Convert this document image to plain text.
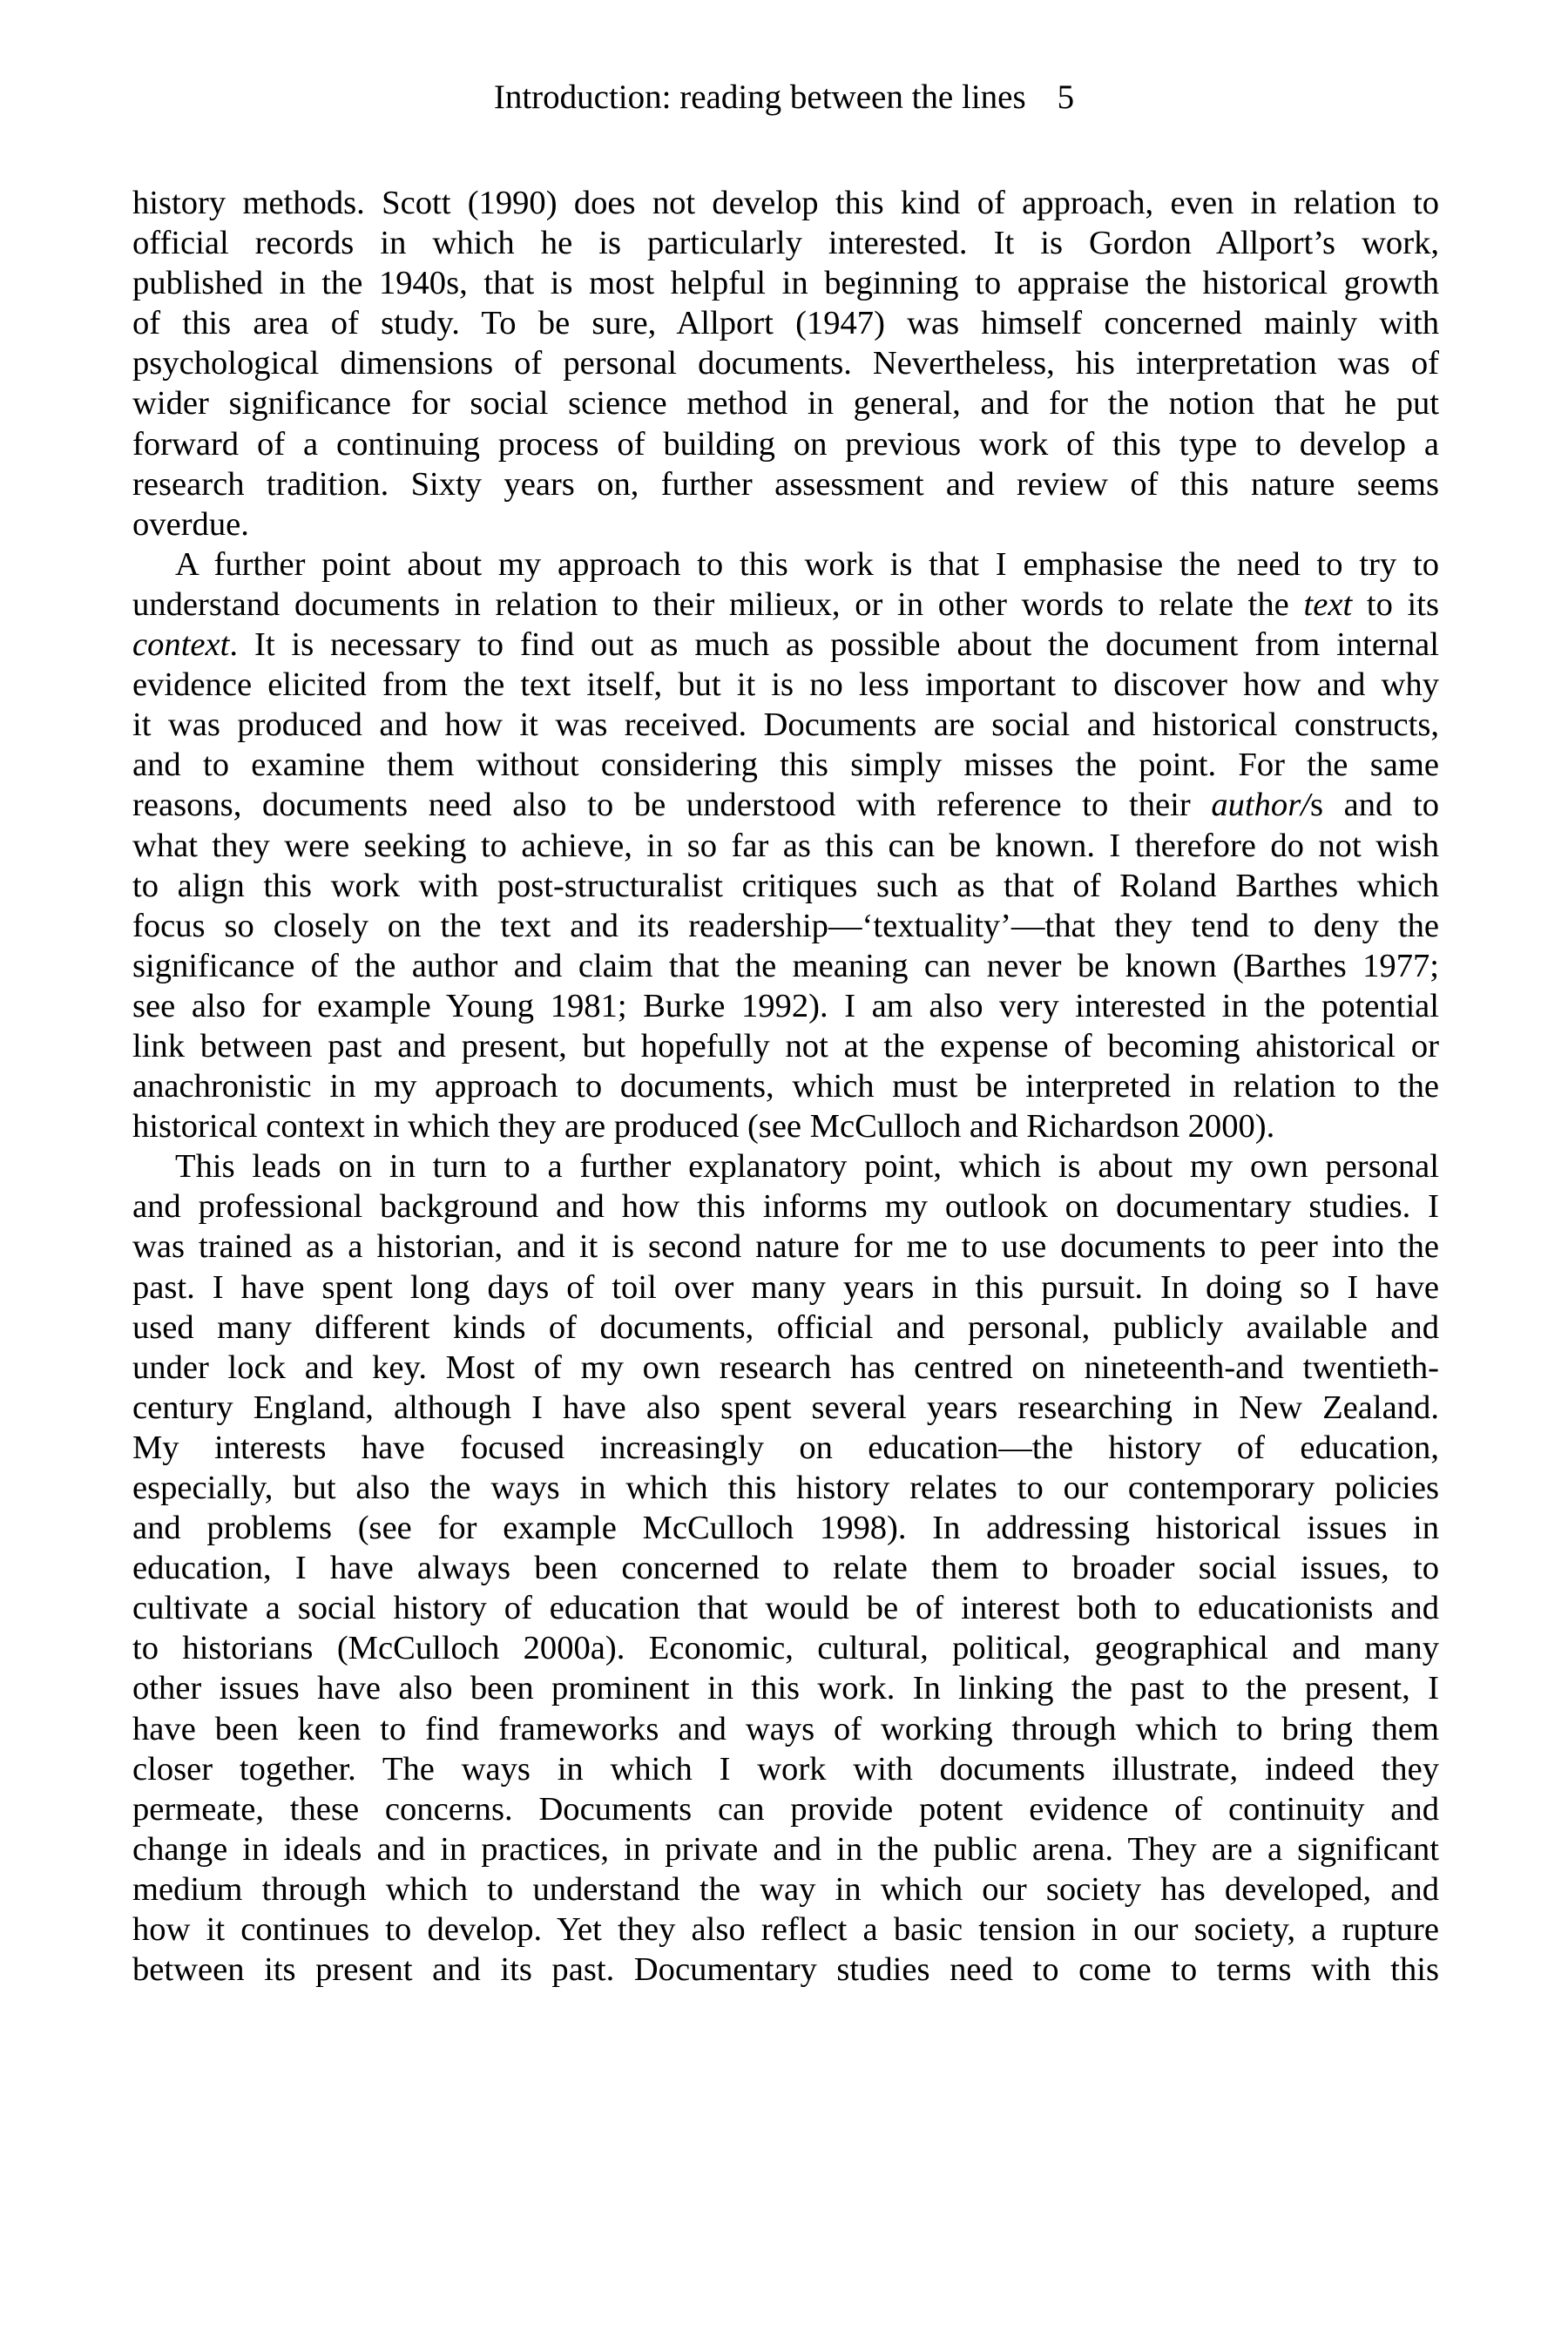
Introduction: reading between the lines 5

history methods. Scott (1990) does not develop this kind of approach, even in relation to
official records in which he is particularly interested. It is Gordon Allport’s work,
published in the 1940s, that is most helpful in beginning to appraise the historical growth
of this area of study. To be sure, Allport (1947) was himself concerned mainly with
psychological dimensions of personal documents. Nevertheless, his interpretation was of
wider significance for social science method in general, and for the notion that he put
forward of a continuing process of building on previous work of this type to develop a
research tradition. Sixty years on, further assessment and review of this nature seems
overdue.

A further point about my approach to this work is that I emphasise the need to try to
understand documents in relation to their milieux, or in other words to relate the text to its
context. It is necessary to find out as much as possible about the document from internal
evidence elicited from the text itself, but it is no less important to discover how and why
it was produced and how it was received. Documents are social and historical constructs,
and to examine them without considering this simply misses the point. For the same
reasons, documents need also to be understood with reference to their author/s and to
what they were seeking to achieve, in so far as this can be known. I therefore do not wish
to align this work with post-structuralist critiques such as that of Roland Barthes which
focus so closely on the text and its readership—‘textuality’—that they tend to deny the
significance of the author and claim that the meaning can never be known (Barthes 1977;
see also for example Young 1981; Burke 1992). I am also very interested in the potential
link between past and present, but hopefully not at the expense of becoming ahistorical or
anachronistic in my approach to documents, which must be interpreted in relation to the
historical context in which they are produced (see McCulloch and Richardson 2000).

This leads on in turn to a further explanatory point, which is about my own personal
and professional background and how this informs my outlook on documentary studies. I
was trained as a historian, and it is second nature for me to use documents to peer into the
past. I have spent long days of toil over many years in this pursuit. In doing so I have
used many different kinds of documents, official and personal, publicly available and
under lock and key. Most of my own research has centred on nineteenth-and twentieth-
century England, although I have also spent several years researching in New Zealand.
My interests have focused increasingly on education—the history of education,
especially, but also the ways in which this history relates to our contemporary policies
and problems (see for example McCulloch 1998). In addressing historical issues in
education, I have always been concerned to relate them to broader social issues, to
cultivate a social history of education that would be of interest both to educationists and
to historians (McCulloch 2000a). Economic, cultural, political, geographical and many
other issues have also been prominent in this work. In linking the past to the present, I
have been keen to find frameworks and ways of working through which to bring them
closer together. The ways in which I work with documents illustrate, indeed they
permeate, these concerns. Documents can provide potent evidence of continuity and
change in ideals and in practices, in private and in the public arena. They are a significant
medium through which to understand the way in which our society has developed, and
how it continues to develop. Yet they also reflect a basic tension in our society, a rupture
between its present and its past. Documentary studies need to come to terms with this
